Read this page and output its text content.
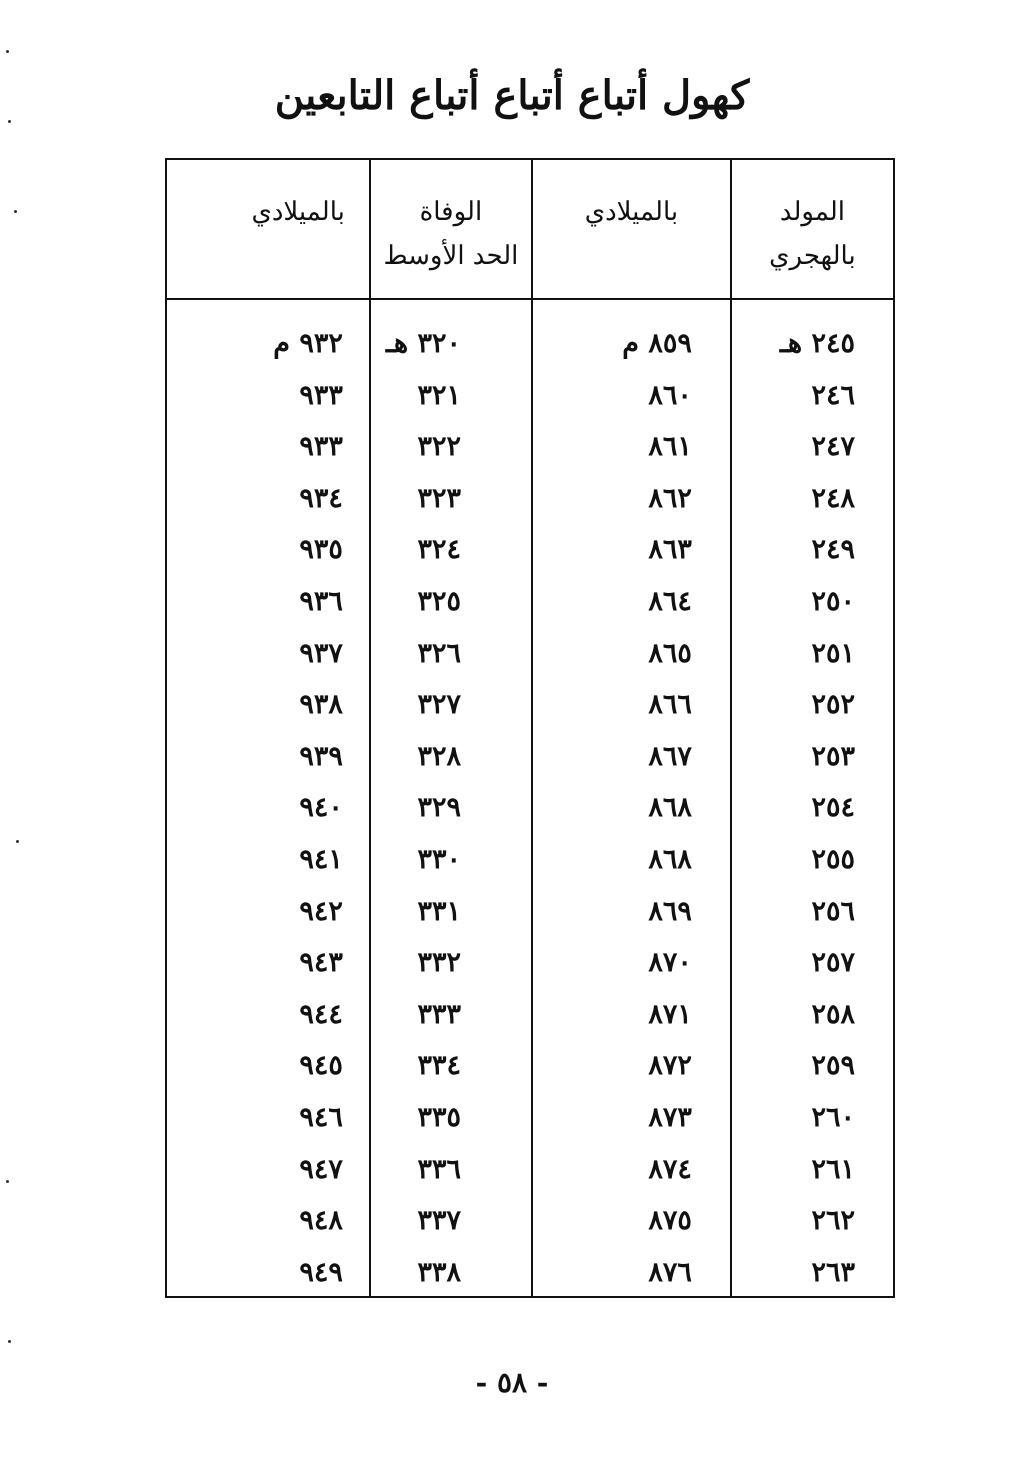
كهول أتباع أتباع أتباع التابعين
المولد
بالهجري
٢٤٥ هـ
٢٤٦
٢٤٧
٢٤٨
٢٤٩
٢٥٠
٢٥١
٢٥٢
٢٥٣
٢٥٤
٢٥٥
٢٥٦
٢٥٧
٢٥٨
٢٥٩
٢٦٠
٢٦١
٢٦٢
٢٦٣
بالميلادي
٨٥٩ م
٨٦٠
٨٦١
٨٦٢
٨٦٣
٨٦٤
٨٦٥
٨٦٦
٨٦٧
٨٦٨
٨٦٨
٨٦٩
٨٧٠
٨٧١
٨٧٢
٨٧٣
٨٧٤
٨٧٥
٨٧٦
الوفاة
الحد الأوسط
٣٢٠ هـ
٣٢١
٣٢٢
٣٢٣
٣٢٤
٣٢٥
٣٢٦
٣٢٧
٣٢٨
٣٢٩
٣٣٠
٣٣١
٣٣٢
٣٣٣
٣٣٤
٣٣٥
٣٣٦
٣٣٧
٣٣٨
بالميلادي
٩٣٢ م
٩٣٣
٩٣٣
٩٣٤
٩٣٥
٩٣٦
٩٣٧
٩٣٨
٩٣٩
٩٤٠
٩٤١
٩٤٢
٩٤٣
٩٤٤
٩٤٥
٩٤٦
٩٤٧
٩٤٨
٩٤٩
- ٥٨ -
